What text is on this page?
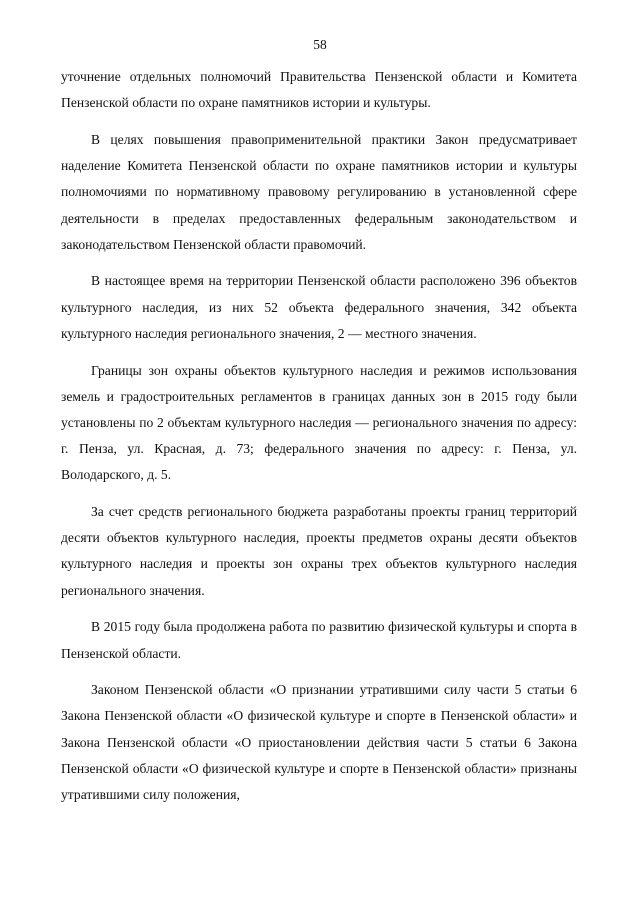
58

уточнение отдельных полномочий Правительства Пензенской области и Комитета Пензенской области по охране памятников истории и культуры.

В целях повышения правоприменительной практики Закон предусматривает наделение Комитета Пензенской области по охране памятников истории и культуры полномочиями по нормативному правовому регулированию в установленной сфере деятельности в пределах предоставленных федеральным законодательством и законодательством Пензенской области правомочий.

В настоящее время на территории Пензенской области расположено 396 объектов культурного наследия, из них 52 объекта федерального значения, 342 объекта культурного наследия регионального значения, 2 — местного значения.

Границы зон охраны объектов культурного наследия и режимов использования земель и градостроительных регламентов в границах данных зон в 2015 году были установлены по 2 объектам культурного наследия — регионального значения по адресу: г. Пенза, ул. Красная, д. 73; федерального значения по адресу: г. Пенза, ул. Володарского, д. 5.

За счет средств регионального бюджета разработаны проекты границ территорий десяти объектов культурного наследия, проекты предметов охраны десяти объектов культурного наследия и проекты зон охраны трех объектов культурного наследия регионального значения.

В 2015 году была продолжена работа по развитию физической культуры и спорта в Пензенской области.

Законом Пензенской области «О признании утратившими силу части 5 статьи 6 Закона Пензенской области «О физической культуре и спорте в Пензенской области» и Закона Пензенской области «О приостановлении действия части 5 статьи 6 Закона Пензенской области «О физической культуре и спорте в Пензенской области» признаны утратившими силу положения,
